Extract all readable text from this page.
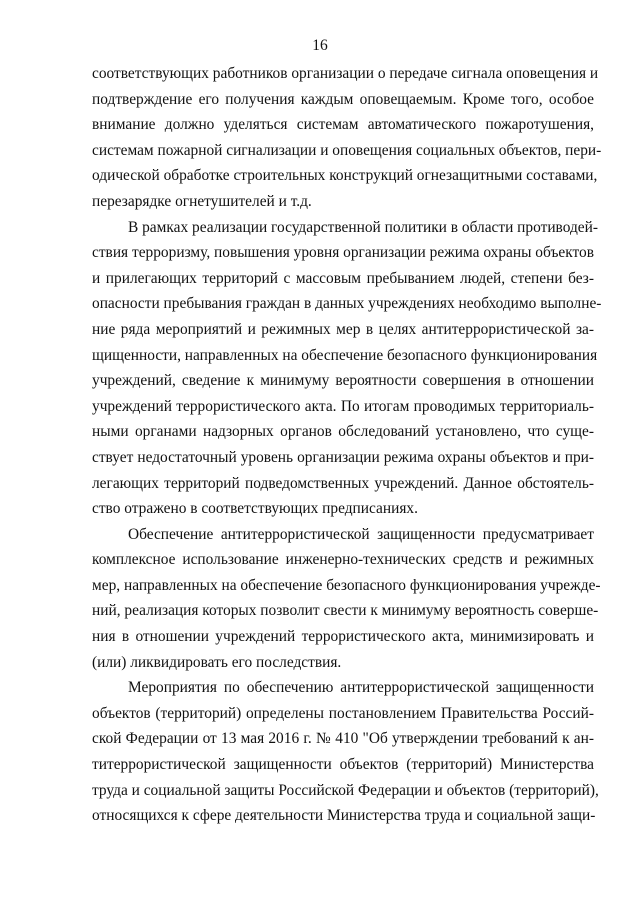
16

соответствующих работников организации о передаче сигнала оповещения и
подтверждение его получения каждым оповещаемым. Кроме того, особое
внимание должно уделяться системам автоматического пожаротушения,
системам пожарной сигнализации и оповещения социальных объектов, пери-
одической обработке строительных конструкций огнезащитными составами,
перезарядке огнетушителей и т.д.

В рамках реализации государственной политики в области противодей-
ствия терроризму, повышения уровня организации режима охраны объектов
и прилегающих территорий с массовым пребыванием людей, степени без-
опасности пребывания граждан в данных учреждениях необходимо выполне-
ние ряда мероприятий и режимных мер в целях антитеррористической за-
щищенности, направленных на обеспечение безопасного функционирования
учреждений, сведение к минимуму вероятности совершения в отношении
учреждений террористического акта. По итогам проводимых территориаль-
ными органами надзорных органов обследований установлено, что суще-
ствует недостаточный уровень организации режима охраны объектов и при-
легающих территорий подведомственных учреждений. Данное обстоятель-
ство отражено в соответствующих предписаниях.

Обеспечение антитеррористической защищенности предусматривает
комплексное использование инженерно-технических средств и режимных
мер, направленных на обеспечение безопасного функционирования учрежде-
ний, реализация которых позволит свести к минимуму вероятность соверше-
ния в отношении учреждений террористического акта, минимизировать и
(или) ликвидировать его последствия.

Мероприятия по обеспечению антитеррористической защищенности
объектов (территорий) определены постановлением Правительства Россий-
ской Федерации от 13 мая 2016 г. № 410 "Об утверждении требований к ан-
титеррористической защищенности объектов (территорий) Министерства
труда и социальной защиты Российской Федерации и объектов (территорий),
относящихся к сфере деятельности Министерства труда и социальной защи-
